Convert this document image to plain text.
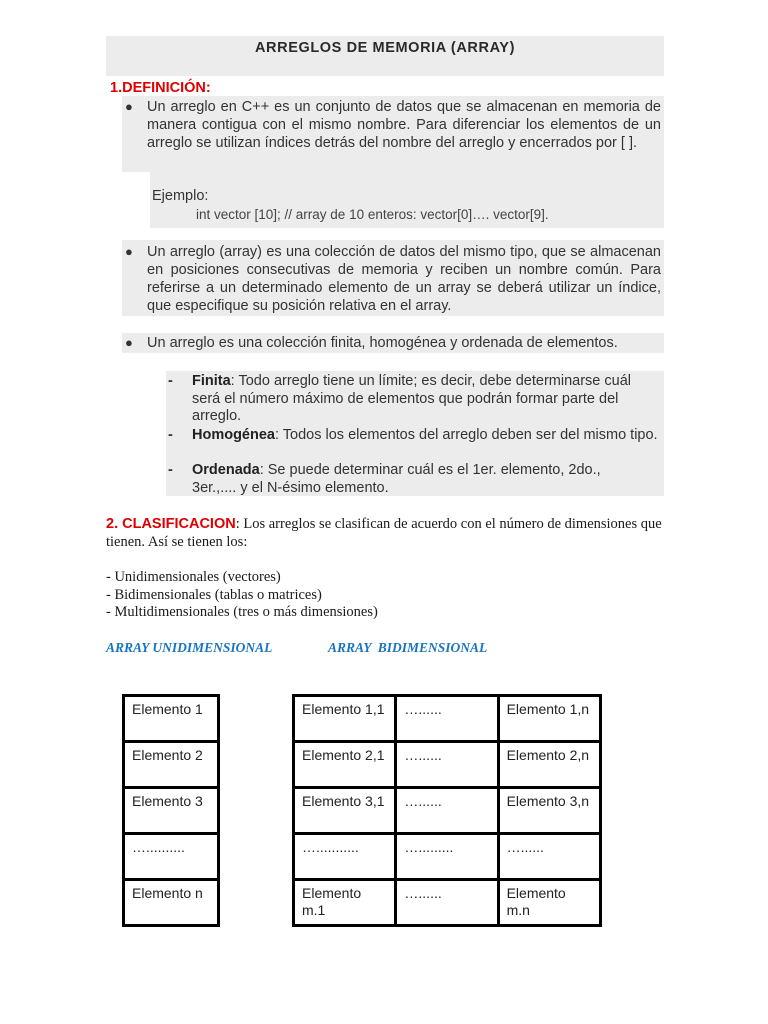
ARREGLOS DE MEMORIA (ARRAY)
1.DEFINICIÓN:
● Un arreglo en C++ es un conjunto de datos que se almacenan en memoria de manera contigua con el mismo nombre. Para diferenciar los elementos de un arreglo se utilizan índices detrás del nombre del arreglo y encerrados por [ ].
Ejemplo:
int vector [10]; // array de 10 enteros: vector[0]…. vector[9].
● Un arreglo (array) es una colección de datos del mismo tipo, que se almacenan en posiciones consecutivas de memoria y reciben un nombre común. Para referirse a un determinado elemento de un array se deberá utilizar un índice, que especifique su posición relativa en el array.
● Un arreglo es una colección finita, homogénea y ordenada de elementos.
- Finita: Todo arreglo tiene un límite; es decir, debe determinarse cuál será el número máximo de elementos que podrán formar parte del arreglo.
- Homogénea: Todos los elementos del arreglo deben ser del mismo tipo.
- Ordenada: Se puede determinar cuál es el 1er. elemento, 2do., 3er.,.... y el N-ésimo elemento.
2. CLASIFICACION: Los arreglos se clasifican de acuerdo con el número de dimensiones que tienen. Así se tienen los:
- Unidimensionales (vectores)
- Bidimensionales (tablas o matrices)
- Multidimensionales (tres o más dimensiones)
ARRAY UNIDIMENSIONAL	ARRAY  BIDIMENSIONAL
Elemento 1
Elemento 2
Elemento 3
…..........
Elemento n
Elemento 1,1	…......	Elemento 1,n
Elemento 2,1	…......	Elemento 2,n
Elemento 3,1	…......	Elemento 3,n
…...........	….........	…......
Elemento m.1	…......	Elemento m.n
